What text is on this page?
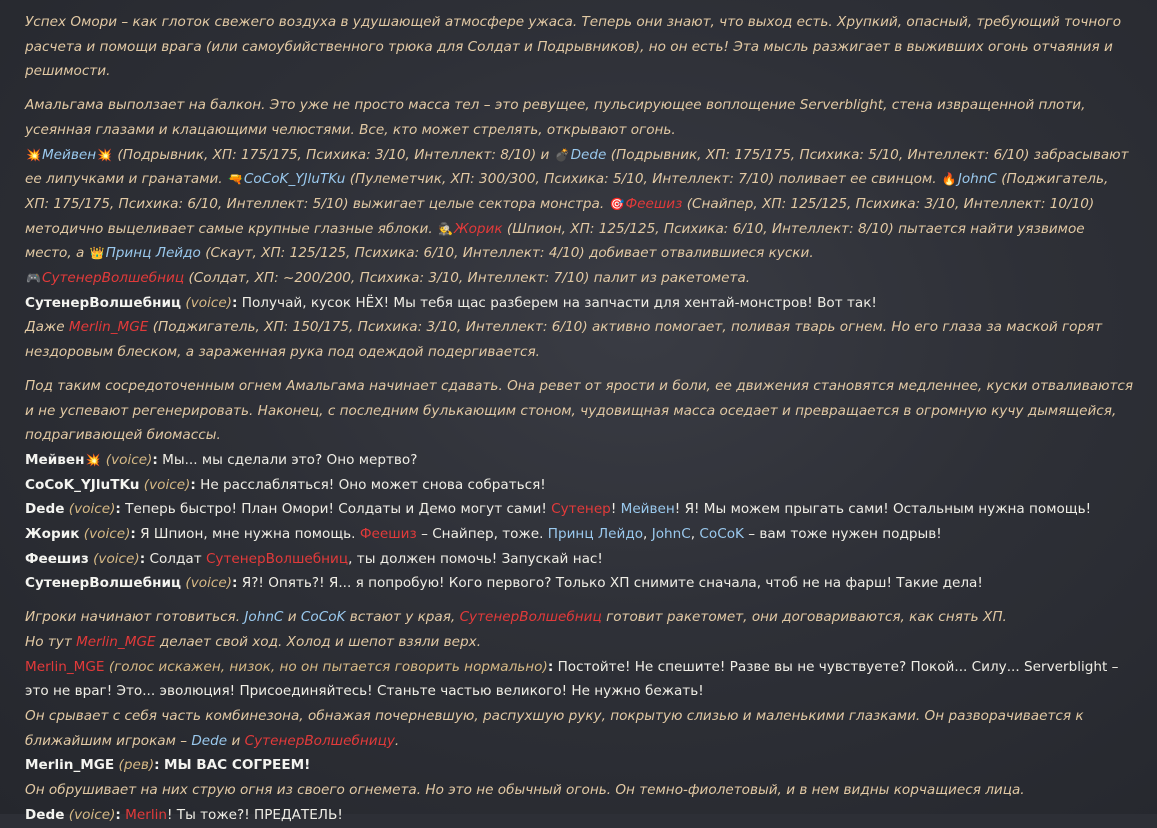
Успех Омори – как глоток свежего воздуха в удушающей атмосфере ужаса. Теперь они знают, что выход есть. Хрупкий, опасный, требующий точного расчета и помощи врага (или самоубийственного трюка для Солдат и Подрывников), но он есть! Эта мысль разжигает в выживших огонь отчаяния и решимости.

Амальгама выползает на балкон. Это уже не просто масса тел – это ревущее, пульсирующее воплощение Serverblight, стена извращенной плоти, усеянная глазами и клацающими челюстями. Все, кто может стрелять, открывают огонь.

💥Мейвен💥 (Подрывник, ХП: 175/175, Психика: 3/10, Интеллект: 8/10) и 💣Dede (Подрывник, ХП: 175/175, Психика: 5/10, Интеллект: 6/10) забрасывают ее липучками и гранатами. 🔫CoCoK_YJluTKu (Пулеметчик, ХП: 300/300, Психика: 5/10, Интеллект: 7/10) поливает ее свинцом. 🔥JohnC (Поджигатель, ХП: 175/175, Психика: 6/10, Интеллект: 5/10) выжигает целые сектора монстра. 🎯Феешиз (Снайпер, ХП: 125/125, Психика: 3/10, Интеллект: 10/10) методично выцеливает самые крупные глазные яблоки. 🕵Жорик (Шпион, ХП: 125/125, Психика: 6/10, Интеллект: 8/10) пытается найти уязвимое место, а 👑Принц Лейдо (Скаут, ХП: 125/125, Психика: 6/10, Интеллект: 4/10) добивает отвалившиеся куски.

🎮СутенерВолшебниц (Солдат, ХП: ~200/200, Психика: 3/10, Интеллект: 7/10) палит из ракетомета.

СутенерВолшебниц (voice): Получай, кусок НЁХ! Мы тебя щас разберем на запчасти для хентай-монстров! Вот так!

Даже Merlin_MGE (Поджигатель, ХП: 150/175, Психика: 3/10, Интеллект: 6/10) активно помогает, поливая тварь огнем. Но его глаза за маской горят нездоровым блеском, а зараженная рука под одеждой подергивается.

Под таким сосредоточенным огнем Амальгама начинает сдавать. Она ревет от ярости и боли, ее движения становятся медленнее, куски отваливаются и не успевают регенерировать. Наконец, с последним булькающим стоном, чудовищная масса оседает и превращается в огромную кучу дымящейся, подрагивающей биомассы.

Мейвен💥 (voice): Мы... мы сделали это? Оно мертво?

CoCoK_YJluTKu (voice): Не расслабляться! Оно может снова собраться!

Dede (voice): Теперь быстро! План Омори! Солдаты и Демо могут сами! Сутенер! Мейвен! Я! Мы можем прыгать сами! Остальным нужна помощь!

Жорик (voice): Я Шпион, мне нужна помощь. Феешиз – Снайпер, тоже. Принц Лейдо, JohnC, CoCoK – вам тоже нужен подрыв!

Феешиз (voice): Солдат СутенерВолшебниц, ты должен помочь! Запускай нас!

СутенерВолшебниц (voice): Я?! Опять?! Я... я попробую! Кого первого? Только ХП снимите сначала, чтоб не на фарш! Такие дела!

Игроки начинают готовиться. JohnC и CoCoK встают у края, СутенерВолшебниц готовит ракетомет, они договариваются, как снять ХП.

Но тут Merlin_MGE делает свой ход. Холод и шепот взяли верх.

Merlin_MGE (голос искажен, низок, но он пытается говорить нормально): Постойте! Не спешите! Разве вы не чувствуете? Покой... Силу... Serverblight – это не враг! Это... эволюция! Присоединяйтесь! Станьте частью великого! Не нужно бежать!

Он срывает с себя часть комбинезона, обнажая почерневшую, распухшую руку, покрытую слизью и маленькими глазками. Он разворачивается к ближайшим игрокам – Dede и СутенерВолшебницу.

Merlin_MGE (рев): МЫ ВАС СОГРЕЕМ!

Он обрушивает на них струю огня из своего огнемета. Но это не обычный огонь. Он темно-фиолетовый, и в нем видны корчащиеся лица.

Dede (voice): Merlin! Ты тоже?! ПРЕДАТЕЛЬ!
